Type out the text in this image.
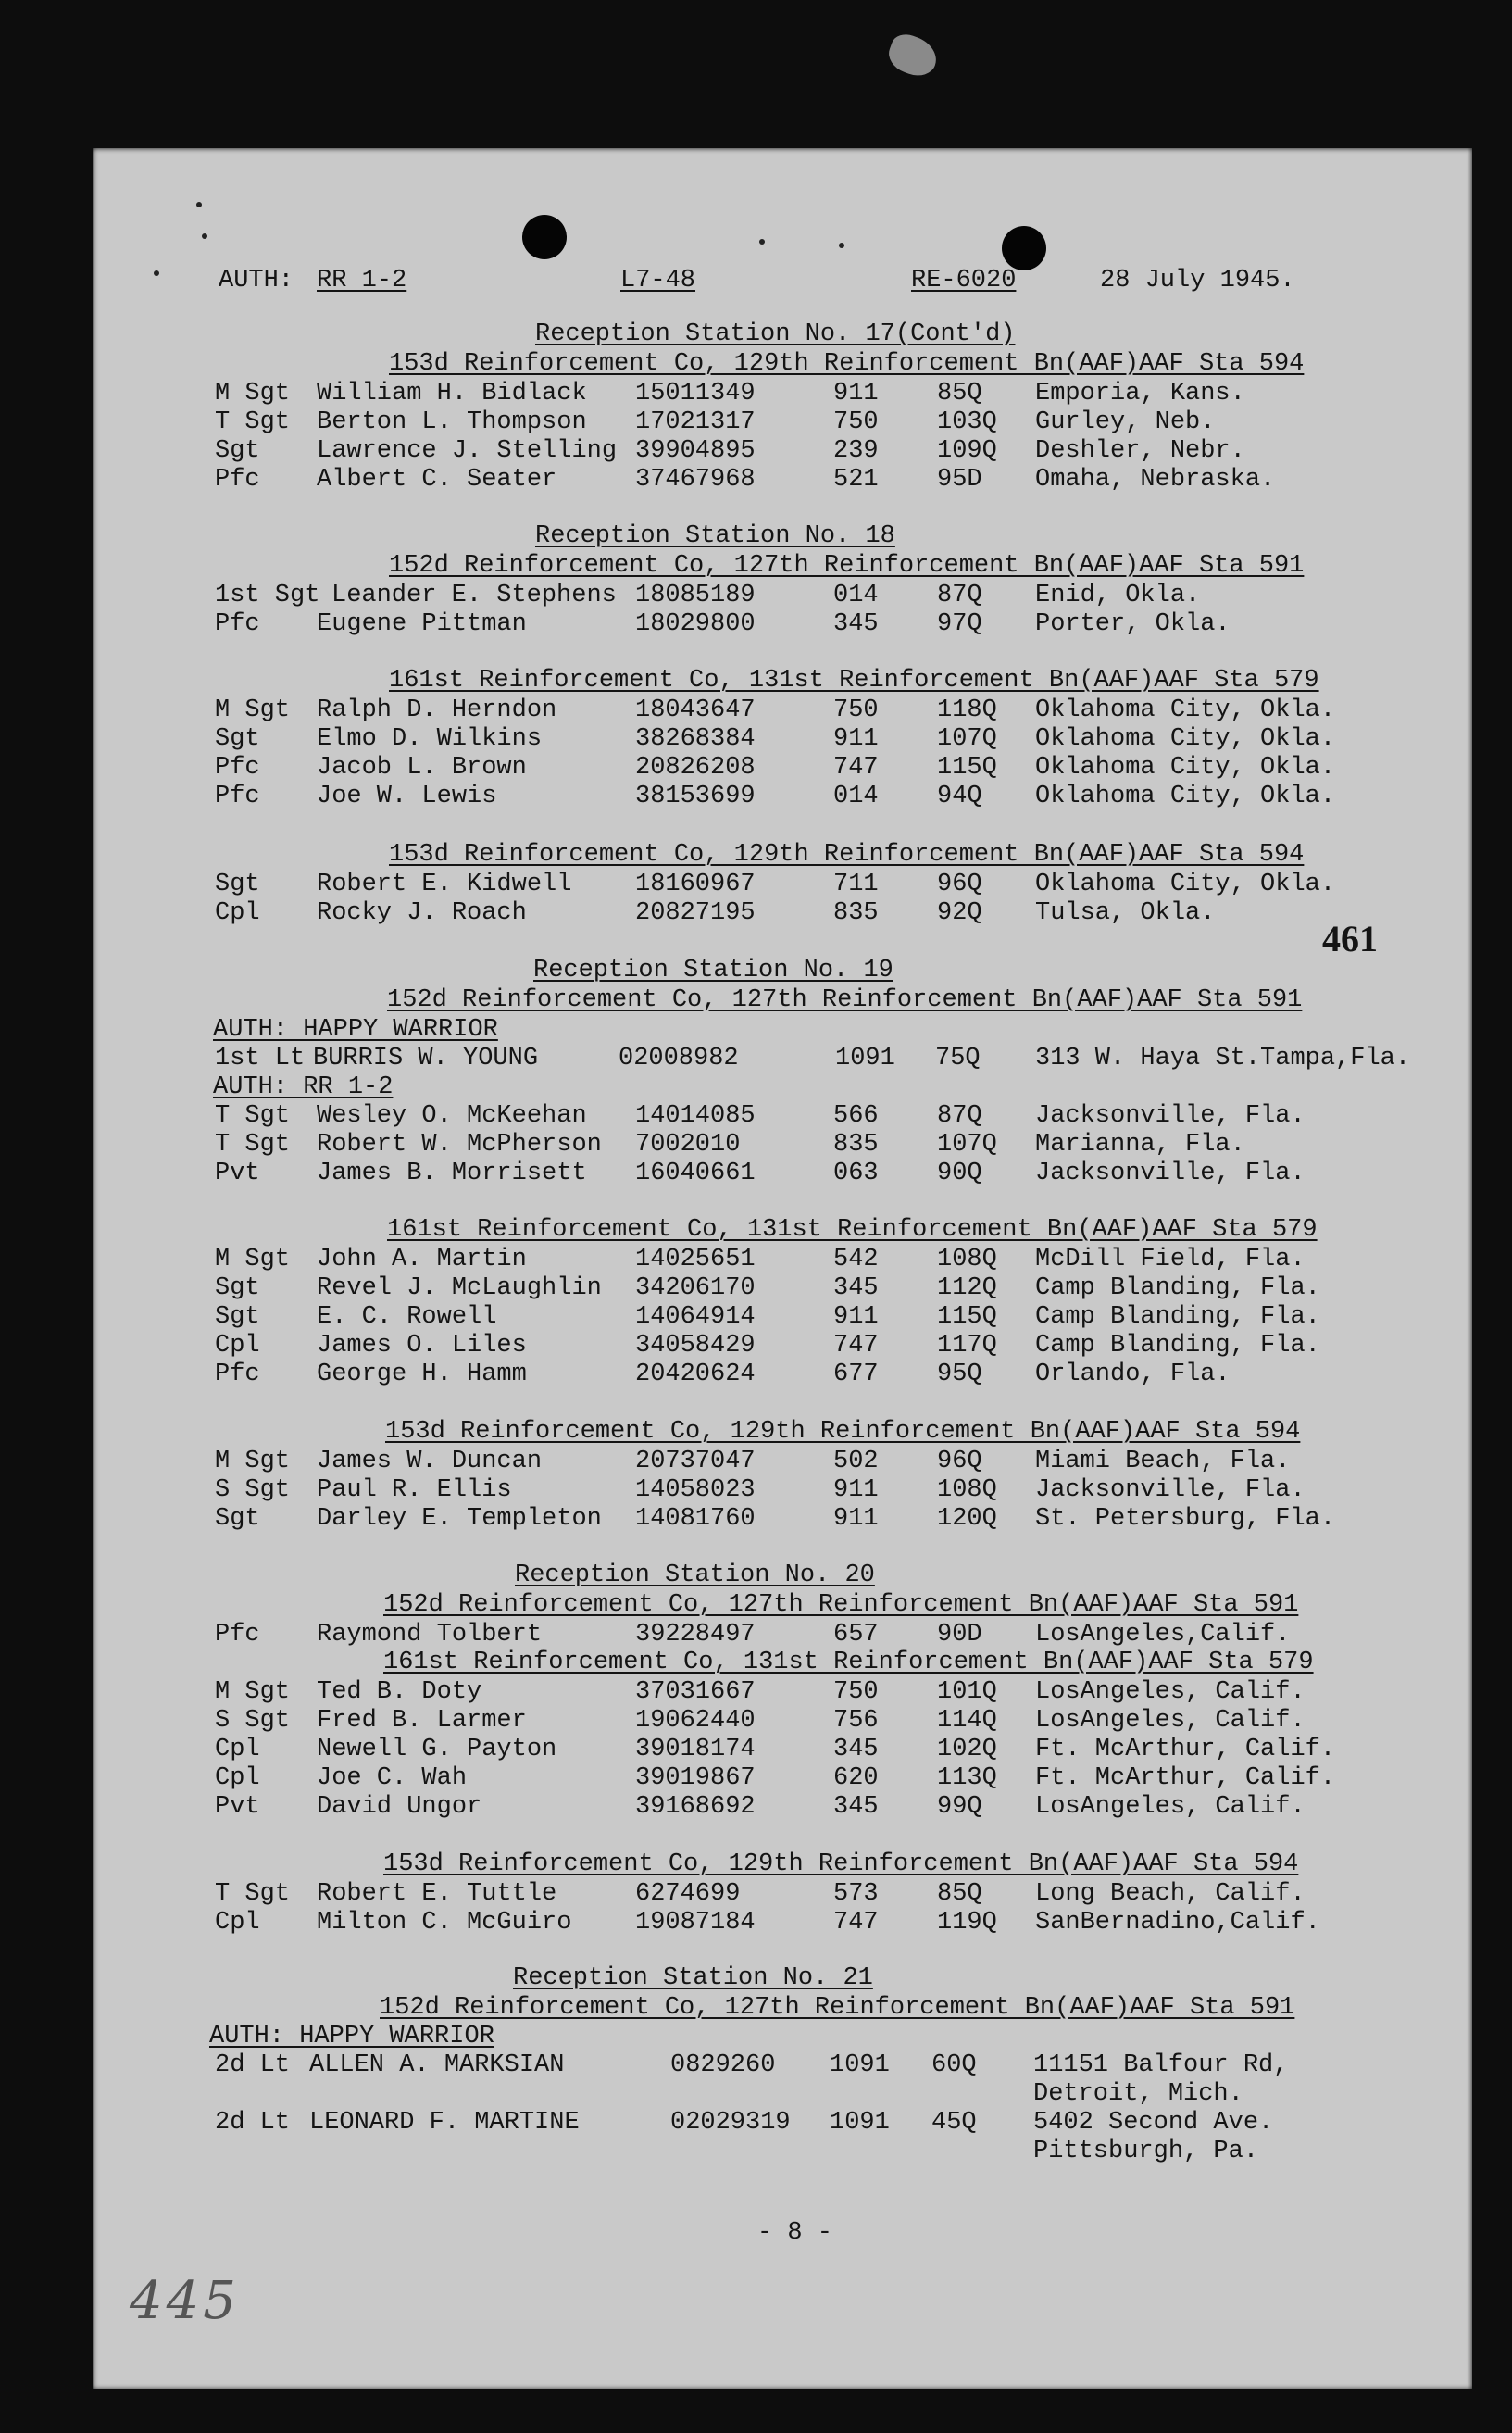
AUTH: RR 1-2	L7-48	RE-6020	28 July 1945.
Reception Station No. 17(Cont'd)
153d Reinforcement Co, 129th Reinforcement Bn(AAF)AAF Sta 594
M Sgt William H. Bidlack 15011349	911 85Q Emporia, Kans.
T Sgt Berton L. Thompson 17021317	750 103Q Gurley, Neb.
Sgt Lawrence J. Stelling 39904895	239 109Q Deshler, Nebr.
Pfc Albert C. Seater	37467968	521 95D Omaha, Nebraska.
Reception Station No. 18
152d Reinforcement Co, 127th Reinforcement Bn(AAF)AAF Sta 591
1st Sgt Leander E. Stephens 18085189	014 87Q Enid, Okla.
Pfc Eugene Pittman	18029800	345 97Q Porter, Okla.
161st Reinforcement Co, 131st Reinforcement Bn(AAF)AAF Sta 579
M Sgt Ralph D. Herndon	18043647	750 118Q Oklahoma City, Okla.
Sgt Elmo D. Wilkins	38268384	911 107Q Oklahoma City, Okla.
Pfc Jacob L. Brown	20826208	747 115Q Oklahoma City, Okla.
Pfc Joe W. Lewis	38153699	014 94Q Oklahoma City, Okla.
153d Reinforcement Co, 129th Reinforcement Bn(AAF)AAF Sta 594
Sgt Robert E. Kidwell	18160967	711 96Q Oklahoma City, Okla.
Cpl Rocky J. Roach	20827195	835 92Q Tulsa, Okla.
Reception Station No. 19
152d Reinforcement Co, 127th Reinforcement Bn(AAF)AAF Sta 591
AUTH: HAPPY WARRIOR
1st Lt BURRIS W. YOUNG	02008982	1091 75Q 313 W. Haya St.Tampa,Fla.
AUTH: RR 1-2
T Sgt Wesley O. McKeehan 14014085	566 87Q Jacksonville, Fla.
T Sgt Robert W. McPherson 7002010	835 107Q Marianna, Fla.
Pvt James B. Morrisett 16040661	063 90Q Jacksonville, Fla.
161st Reinforcement Co, 131st Reinforcement Bn(AAF)AAF Sta 579
M Sgt John A. Martin	14025651	542 108Q McDill Field, Fla.
Sgt Revel J. McLaughlin 34206170	345 112Q Camp Blanding, Fla.
Sgt E. C. Rowell	14064914	911 115Q Camp Blanding, Fla.
Cpl James O. Liles	34058429	747 117Q Camp Blanding, Fla.
Pfc George H. Hamm	20420624	677 95Q Orlando, Fla.
153d Reinforcement Co, 129th Reinforcement Bn(AAF)AAF Sta 594
M Sgt James W. Duncan	20737047	502 96Q Miami Beach, Fla.
S Sgt Paul R. Ellis	14058023	911 108Q Jacksonville, Fla.
Sgt Darley E. Templeton 14081760	911 120Q St. Petersburg, Fla.
Reception Station No. 20
152d Reinforcement Co, 127th Reinforcement Bn(AAF)AAF Sta 591
Pfc Raymond Tolbert	39228497	657 90D LosAngeles,Calif.
161st Reinforcement Co, 131st Reinforcement Bn(AAF)AAF Sta 579
M Sgt Ted B. Doty	37031667	750 101Q LosAngeles, Calif.
S Sgt Fred B. Larmer	19062440	756 114Q LosAngeles, Calif.
Cpl Newell G. Payton	39018174	345 102Q Ft. McArthur, Calif.
Cpl Joe C. Wah	39019867	620 113Q Ft. McArthur, Calif.
Pvt David Ungor	39168692	345 99Q LosAngeles, Calif.
153d Reinforcement Co, 129th Reinforcement Bn(AAF)AAF Sta 594
T Sgt Robert E. Tuttle	6274699	573 85Q Long Beach, Calif.
Cpl Milton C. McGuiro	19087184	747 119Q SanBernadino,Calif.
Reception Station No. 21
152d Reinforcement Co, 127th Reinforcement Bn(AAF)AAF Sta 591
AUTH: HAPPY WARRIOR
2d Lt ALLEN A. MARKSIAN	0829260 1091 60Q 11151 Balfour Rd,
Detroit, Mich.
2d Lt LEONARD F. MARTINE	02029319 1091 45Q 5402 Second Ave.
Pittsburgh, Pa.
461
- 8 -
445
